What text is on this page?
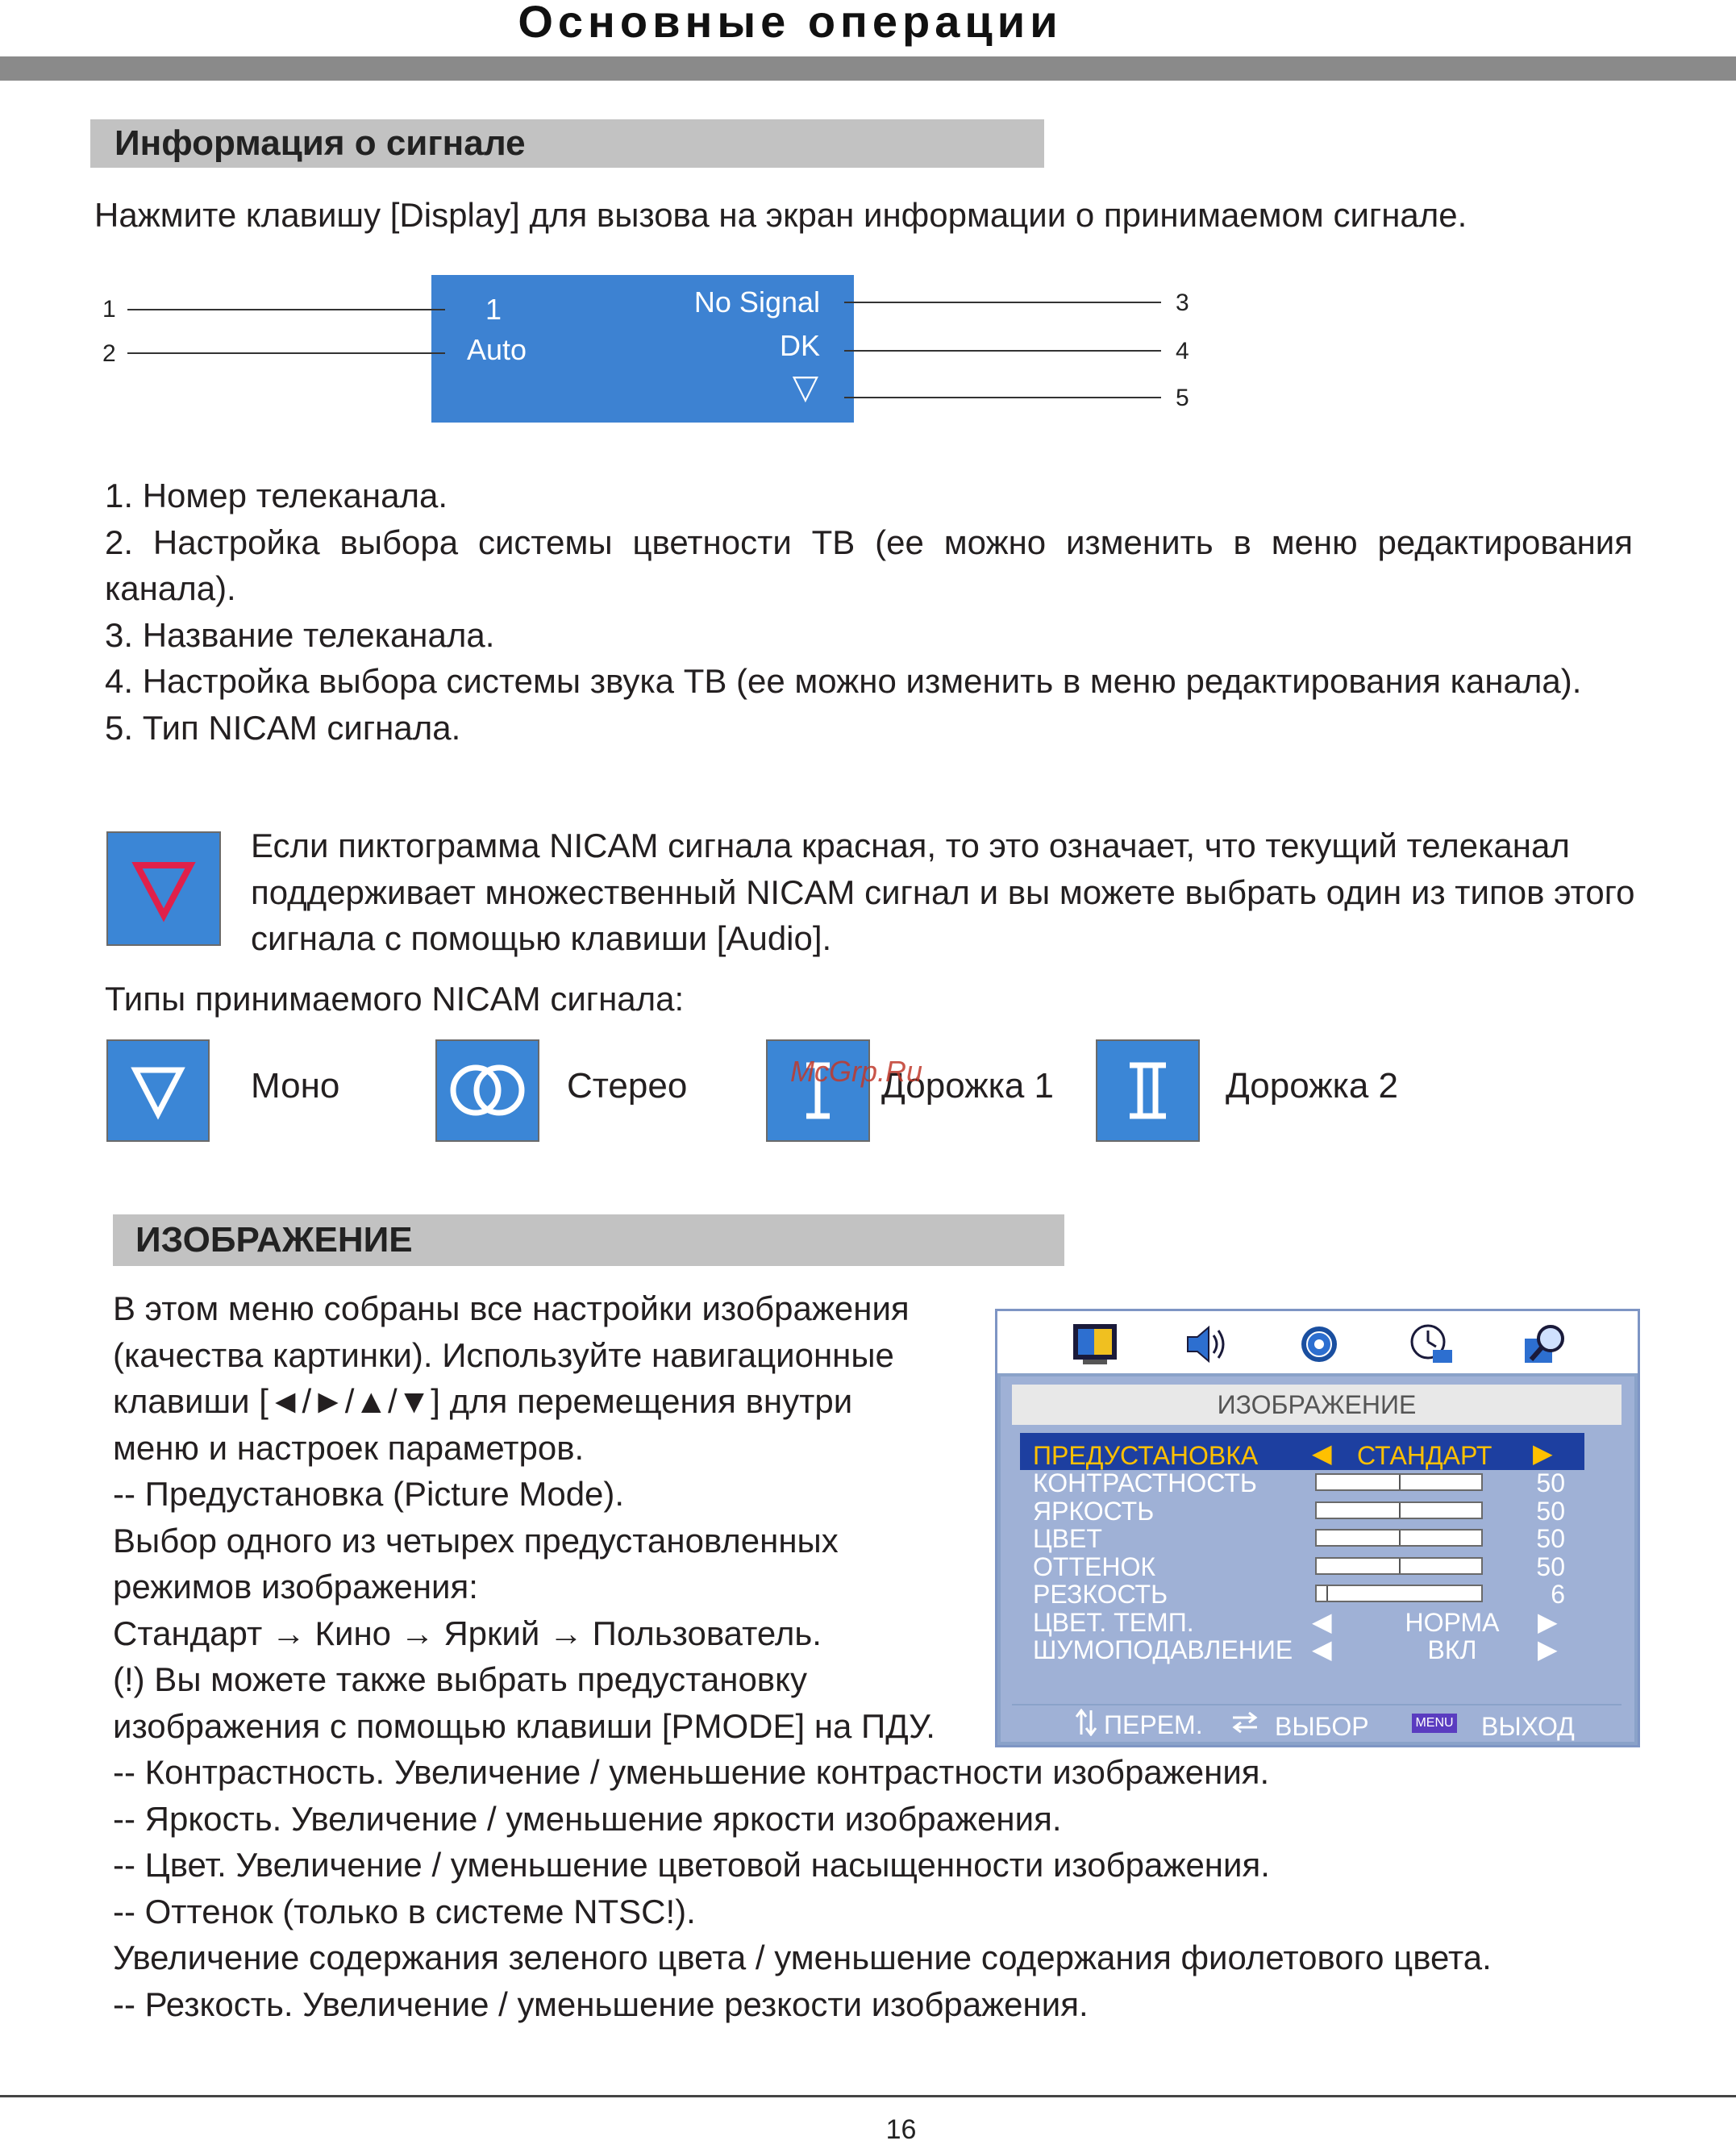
Основные операции
Информация о сигнале
Нажмите клавишу [Display] для вызова на экран информации о принимаемом сигнале.
1
Auto
No Signal
DK
▽
1
2
3
4
5
1. Номер телеканала.
2. Настройка выбора системы цветности ТВ (ее можно изменить в меню редактирования канала).
3. Название телеканала.
4. Настройка выбора системы звука ТВ (ее можно изменить в меню редактирования канала).
5. Тип NICAM сигнала.
Если пиктограмма NICAM сигнала красная, то это означает, что текущий телеканал поддерживает множественный NICAM сигнал и вы можете выбрать один из типов этого сигнала с помощью клавиши [Audio].
Типы принимаемого NICAM сигнала:
Моно	Стерео	Дорожка 1
McGrp.Ru	Дорожка 2
ИЗОБРАЖЕНИЕ
В этом меню собраны все настройки изображения
(качества картинки). Используйте навигационные
клавиши [◄/►/▲/▼] для перемещения внутри
меню и настроек параметров.
-- Предустановка (Picture Mode).
Выбор одного из четырех предустановленных
режимов изображения:
Стандарт → Кино → Яркий → Пользователь.
(!) Вы можете также выбрать предустановку
изображения с помощью клавиши [PMODE] на ПДУ.
-- Контрастность. Увеличение / уменьшение контрастности изображения.
-- Яркость. Увеличение / уменьшение яркости изображения.
-- Цвет. Увеличение / уменьшение цветовой насыщенности изображения.
-- Оттенок (только в системе NTSC!).
Увеличение содержания зеленого цвета / уменьшение содержания фиолетового цвета.
-- Резкость. Увеличение / уменьшение резкости изображения.
ИЗОБРАЖЕНИЕ
ПРЕДУСТАНОВКА ◀ СТАНДАРТ ▶
КОНТРАСТНОСТЬ	50
ЯРКОСТЬ	50
ЦВЕТ	50
ОТТЕНОК	50
РЕЗКОСТЬ	6
ЦВЕТ. ТЕМП.	◀	НОРМА	▶
ШУМОПОДАВЛЕНИЕ ◀	ВКЛ	▶
ПЕРЕМ.	ВЫБОР	MENU ВЫХОД
16
